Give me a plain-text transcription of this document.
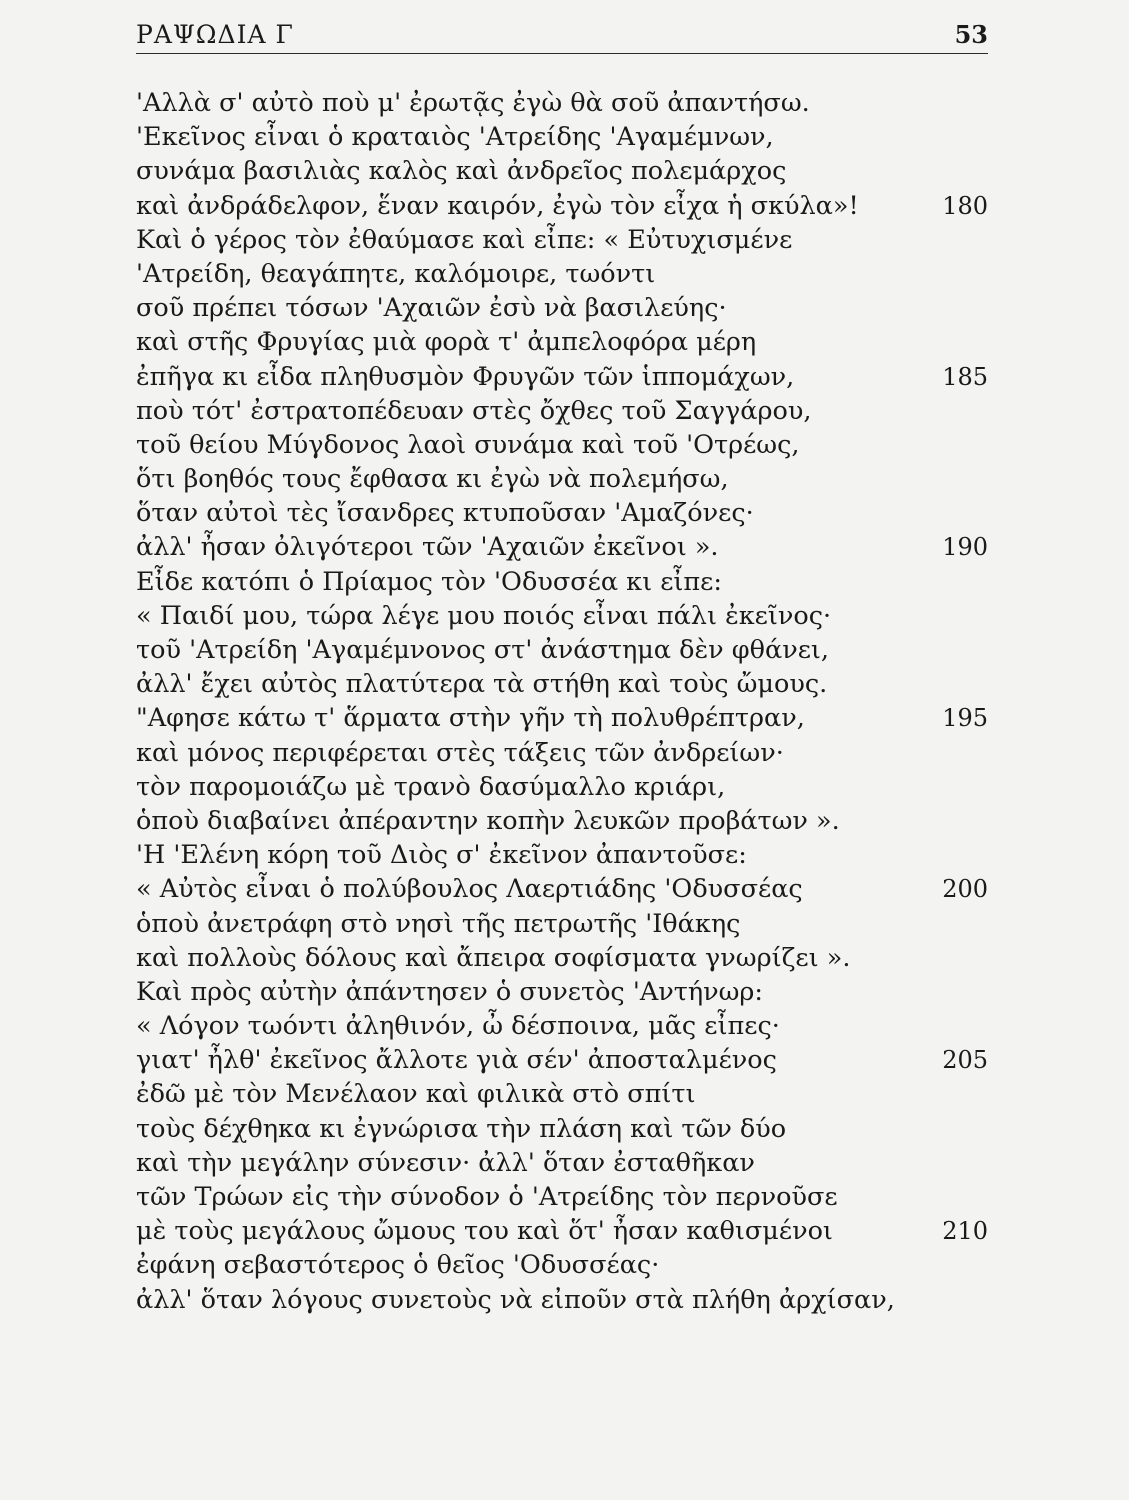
ΡΑΨΩΔΙΑ Γ	53
'Αλλὰ σ' αὐτὸ ποὺ μ' ἐρωτᾷς ἐγὼ θὰ σοῦ ἀπαντήσω.
'Εκεῖνος εἶναι ὁ κραταιὸς 'Ατρείδης 'Αγαμέμνων,
συνάμα βασιλιὰς καλὸς καὶ ἀνδρεῖος πολεμάρχος
καὶ ἀνδράδελφον, ἕναν καιρόν, ἐγὼ τὸν εἶχα ἡ σκύλα»!	180
Καὶ ὁ γέρος τὸν ἐθαύμασε καὶ εἶπε: « Εὐτυχισμένε
'Ατρείδη, θεαγάπητε, καλόμοιρε, τωόντι
σοῦ πρέπει τόσων 'Αχαιῶν ἐσὺ νὰ βασιλεύης·
καὶ στῆς Φρυγίας μιὰ φορὰ τ' ἀμπελοφόρα μέρη
ἐπῆγα κι εἶδα πληθυσμὸν Φρυγῶν τῶν ἱππομάχων,	185
ποὺ τότ' ἐστρατοπέδευαν στὲς ὄχθες τοῦ Σαγγάρου,
τοῦ θείου Μύγδονος λαοὶ συνάμα καὶ τοῦ 'Οτρέως,
ὅτι βοηθός τους ἔφθασα κι ἐγὼ νὰ πολεμήσω,
ὅταν αὐτοὶ τὲς ἴσανδρες κτυποῦσαν 'Αμαζόνες·
ἀλλ' ἦσαν ὀλιγότεροι τῶν 'Αχαιῶν ἐκεῖνοι ».	190
Εἶδε κατόπι ὁ Πρίαμος τὸν 'Οδυσσέα κι εἶπε:
« Παιδί μου, τώρα λέγε μου ποιός εἶναι πάλι ἐκεῖνος·
τοῦ 'Ατρείδη 'Αγαμέμνονος στ' ἀνάστημα δὲν φθάνει,
ἀλλ' ἔχει αὐτὸς πλατύτερα τὰ στήθη καὶ τοὺς ὤμους.
"Αφησε κάτω τ' ἅρματα στὴν γῆν τὴ πολυθρέπτραν,	195
καὶ μόνος περιφέρεται στὲς τάξεις τῶν ἀνδρείων·
τὸν παρομοιάζω μὲ τρανὸ δασύμαλλο κριάρι,
ὁποὺ διαβαίνει ἀπέραντην κοπὴν λευκῶν προβάτων ».
'Η 'Ελένη κόρη τοῦ Διὸς σ' ἐκεῖνον ἀπαντοῦσε:
« Αὐτὸς εἶναι ὁ πολύβουλος Λαερτιάδης 'Οδυσσέας	200
ὁποὺ ἀνετράφη στὸ νησὶ τῆς πετρωτῆς 'Ιθάκης
καὶ πολλοὺς δόλους καὶ ἄπειρα σοφίσματα γνωρίζει ».
Καὶ πρὸς αὐτὴν ἀπάντησεν ὁ συνετὸς 'Αντήνωρ:
« Λόγον τωόντι ἀληθινόν, ὦ δέσποινα, μᾶς εἶπες·
γιατ' ἦλθ' ἐκεῖνος ἄλλοτε γιὰ σέν' ἀποσταλμένος	205
ἐδῶ μὲ τὸν Μενέλαον καὶ φιλικὰ στὸ σπίτι
τοὺς δέχθηκα κι ἐγνώρισα τὴν πλάση καὶ τῶν δύο
καὶ τὴν μεγάλην σύνεσιν· ἀλλ' ὅταν ἐσταθῆκαν
τῶν Τρώων εἰς τὴν σύνοδον ὁ 'Ατρείδης τὸν περνοῦσε
μὲ τοὺς μεγάλους ὤμους του καὶ ὅτ' ἦσαν καθισμένοι	210
ἐφάνη σεβαστότερος ὁ θεῖος 'Οδυσσέας·
ἀλλ' ὅταν λόγους συνετοὺς νὰ εἰποῦν στὰ πλήθη ἀρχίσαν,
